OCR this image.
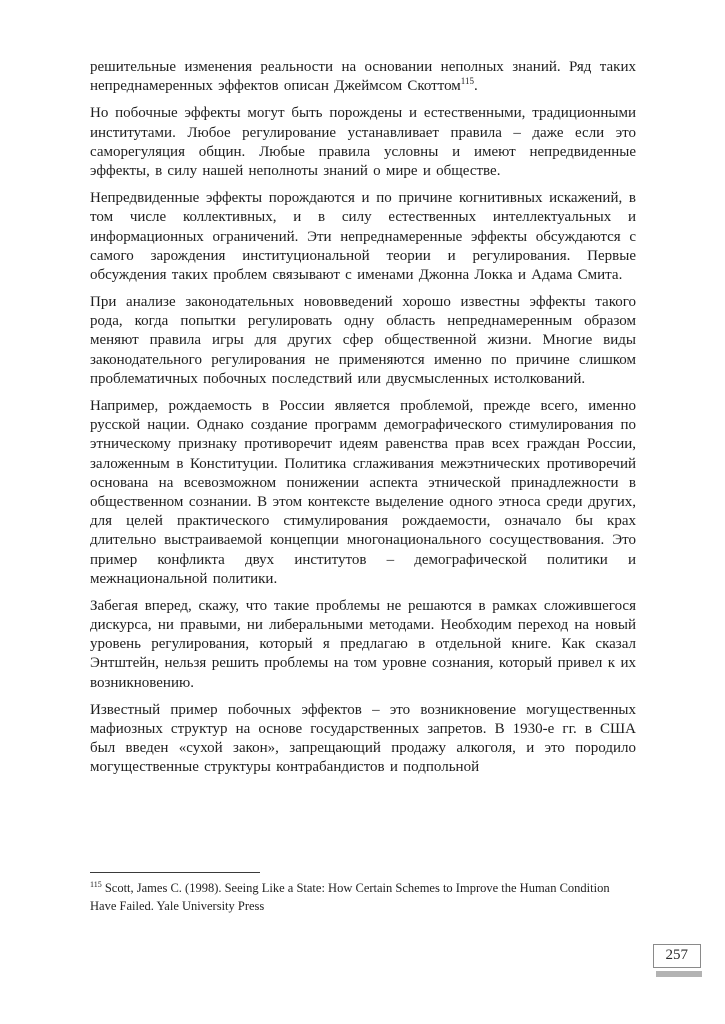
решительные изменения реальности на основании неполных знаний. Ряд таких непреднамеренных эффектов описан Джеймсом Скоттом$^{115}$.

Но побочные эффекты могут быть порождены и естественными, традиционными институтами. Любое регулирование устанавливает правила – даже если это саморегуляция общин. Любые правила условны и имеют непредвиденные эффекты, в силу нашей неполноты знаний о мире и обществе.

Непредвиденные эффекты порождаются и по причине когнитивных искажений, в том числе коллективных, и в силу естественных интеллектуальных и информационных ограничений. Эти непреднамеренные эффекты обсуждаются с самого зарождения институциональной теории и регулирования. Первые обсуждения таких проблем связывают с именами Джонна Локка и Адама Смита.

При анализе законодательных нововведений хорошо известны эффекты такого рода, когда попытки регулировать одну область непреднамеренным образом меняют правила игры для других сфер общественной жизни. Многие виды законодательного регулирования не применяются именно по причине слишком проблематичных побочных последствий или двусмысленных истолкований.

Например, рождаемость в России является проблемой, прежде всего, именно русской нации. Однако создание программ демографического стимулирования по этническому признаку противоречит идеям равенства прав всех граждан России, заложенным в Конституции. Политика сглаживания межэтнических противоречий основана на всевозможном понижении аспекта этнической принадлежности в общественном сознании. В этом контексте выделение одного этноса среди других, для целей практического стимулирования рождаемости, означало бы крах длительно выстраиваемой концепции многонационального сосуществования. Это пример конфликта двух институтов – демографической политики и межнациональной политики.

Забегая вперед, скажу, что такие проблемы не решаются в рамках сложившегося дискурса, ни правыми, ни либеральными методами. Необходим переход на новый уровень регулирования, который я предлагаю в отдельной книге. Как сказал Энтштейн, нельзя решить проблемы на том уровне сознания, который привел к их возникновению.

Известный пример побочных эффектов – это возникновение могущественных мафиозных структур на основе государственных запретов. В 1930-е гг. в США был введен «сухой закон», запрещающий продажу алкоголя, и это породило могущественные структуры контрабандистов и подпольной

$^{115}$ Scott, James C. (1998). Seeing Like a State: How Certain Schemes to Improve the Human Condition Have Failed. Yale University Press

257
